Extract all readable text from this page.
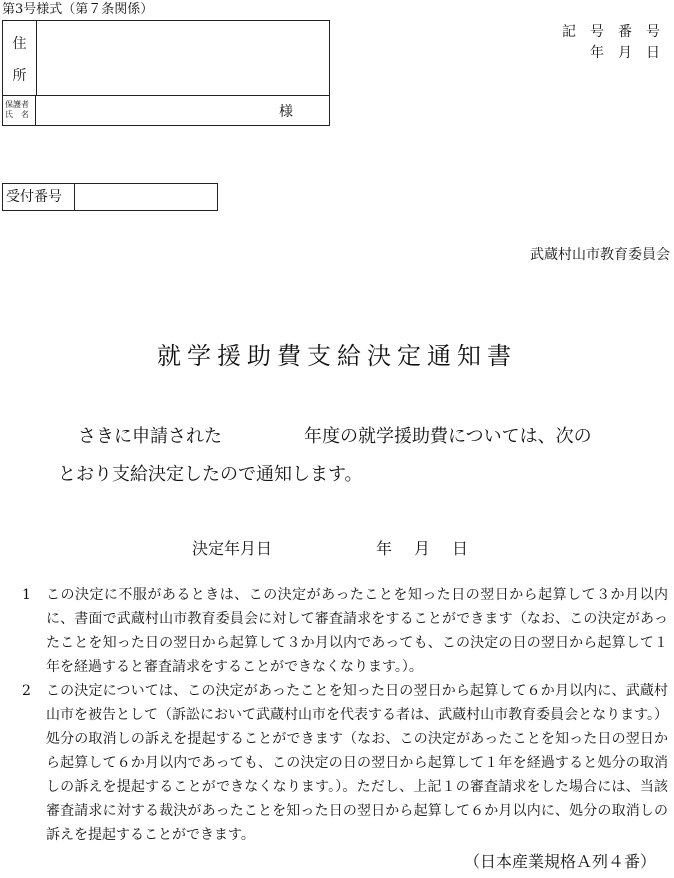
第3号様式（第７条関係）
記　号　番　号
年　月　日
住
所
保護者
氏　名	様
受付番号
武蔵村山市教育委員会
就学援助費支給決定通知書
さきに申請された	年度の就学援助費については、次の
とおり支給決定したので通知します。
決定年月日	年 月 日
1	この決定に不服があるときは、この決定があったことを知った日の翌日から起算して３か月以内に、書面で武蔵村山市教育委員会に対して審査請求をすることができます（なお、この決定があったことを知った日の翌日から起算して３か月以内であっても、この決定の日の翌日から起算して１年を経過すると審査請求をすることができなくなります。）。
2	この決定については、この決定があったことを知った日の翌日から起算して６か月以内に、武蔵村山市を被告として（訴訟において武蔵村山市を代表する者は、武蔵村山市教育委員会となります。）処分の取消しの訴えを提起することができます（なお、この決定があったことを知った日の翌日から起算して６か月以内であっても、この決定の日の翌日から起算して１年を経過すると処分の取消しの訴えを提起することができなくなります。）。ただし、上記１の審査請求をした場合には、当該審査請求に対する裁決があったことを知った日の翌日から起算して６か月以内に、処分の取消しの訴えを提起することができます。
（日本産業規格Ａ列４番）
